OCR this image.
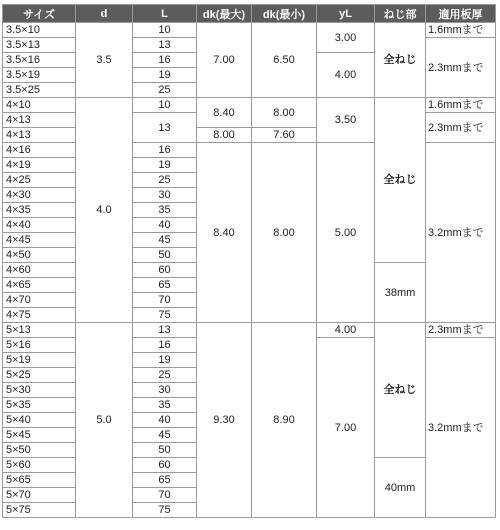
サイズ	d	L	dk(最大)	dk(最小)	yL	ねじ部	適用板厚
3.5×10	3.5	10	7.00	6.50	3.00	全ねじ	1.6mmまで
3.5×13		13					2.3mmまで
3.5×16		16			4.00		
3.5×19		19					
3.5×25		25					
4×10	4.0	10	8.40	8.00	3.50	全ねじ	1.6mmまで
4×13		13					2.3mmまで
4×13			8.00	7.60			
4×16		16	8.40	8.00	5.00		3.2mmまで
4×19		19					
4×25		25					
4×30		30					
4×35		35					
4×40		40					
4×45		45					
4×50		50					
4×60		60				38mm	
4×65		65					
4×70		70					
4×75		75					
5×13	5.0	13	9.30	8.90	4.00	全ねじ	2.3mmまで
5×16		16			7.00		3.2mmまで
5×19		19					
5×25		25					
5×30		30					
5×35		35					
5×40		40					
5×45		45					
5×50		50					
5×60		60				40mm	
5×65		65					
5×70		70					
5×75		75					
